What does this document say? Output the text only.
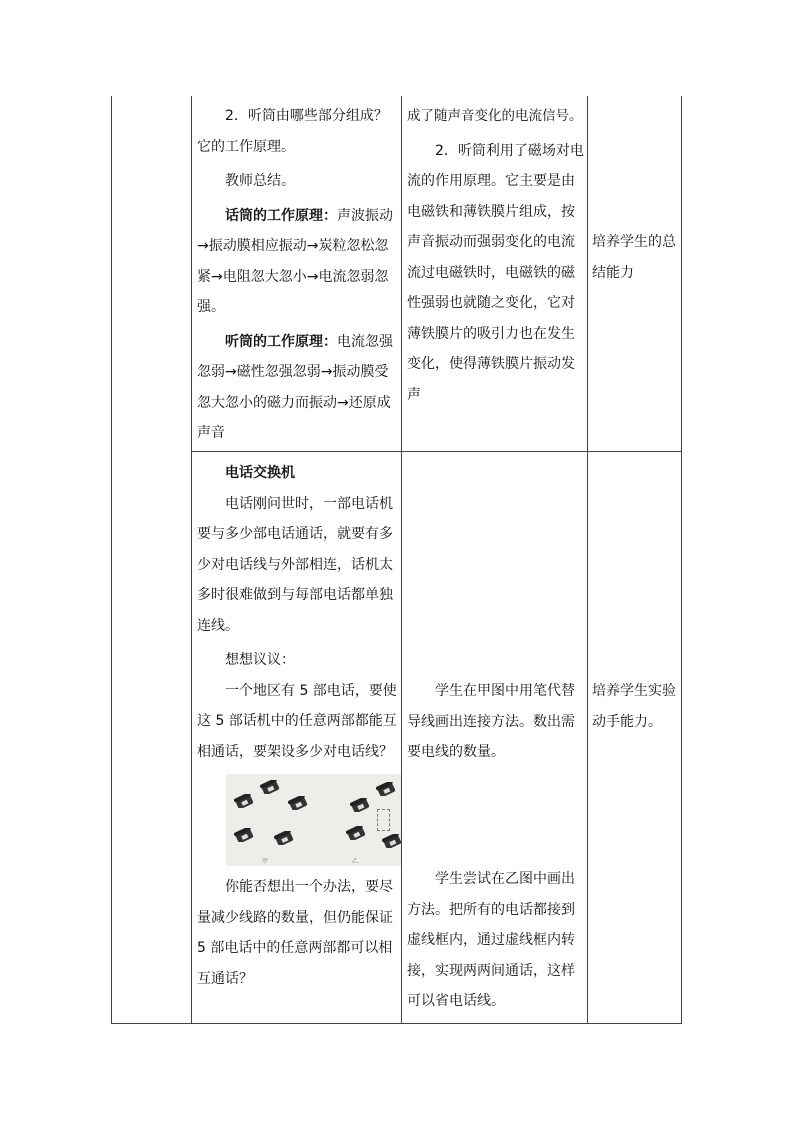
2．听筒由哪些部分组成？它的工作原理。

教师总结。

话筒的工作原理：声波振动→振动膜相应振动→炭粒忽松忽紧→电阻忽大忽小→电流忽弱忽强。

听筒的工作原理：电流忽强忽弱→磁性忽强忽弱→振动膜受忽大忽小的磁力而振动→还原成声音

成了随声音变化的电流信号。

2．听筒利用了磁场对电流的作用原理。它主要是由电磁铁和薄铁膜片组成，按声音振动而强弱变化的电流流过电磁铁时，电磁铁的磁性强弱也就随之变化，它对薄铁膜片的吸引力也在发生变化，使得薄铁膜片振动发声

培养学生的总结能力

电话交换机

电话刚问世时，一部电话机要与多少部电话通话，就要有多少对电话线与外部相连，话机太多时很难做到与每部电话都单独连线。

想想议议：

一个地区有 5 部电话，要使这 5 部话机中的任意两部都能互相通话，要架设多少对电话线？

甲	乙

你能否想出一个办法，要尽量减少线路的数量，但仍能保证 5 部电话中的任意两部都可以相互通话？

学生在甲图中用笔代替导线画出连接方法。数出需要电线的数量。

学生尝试在乙图中画出方法。把所有的电话都接到虚线框内，通过虚线框内转接，实现两两间通话，这样可以省电话线。

培养学生实验动手能力。
